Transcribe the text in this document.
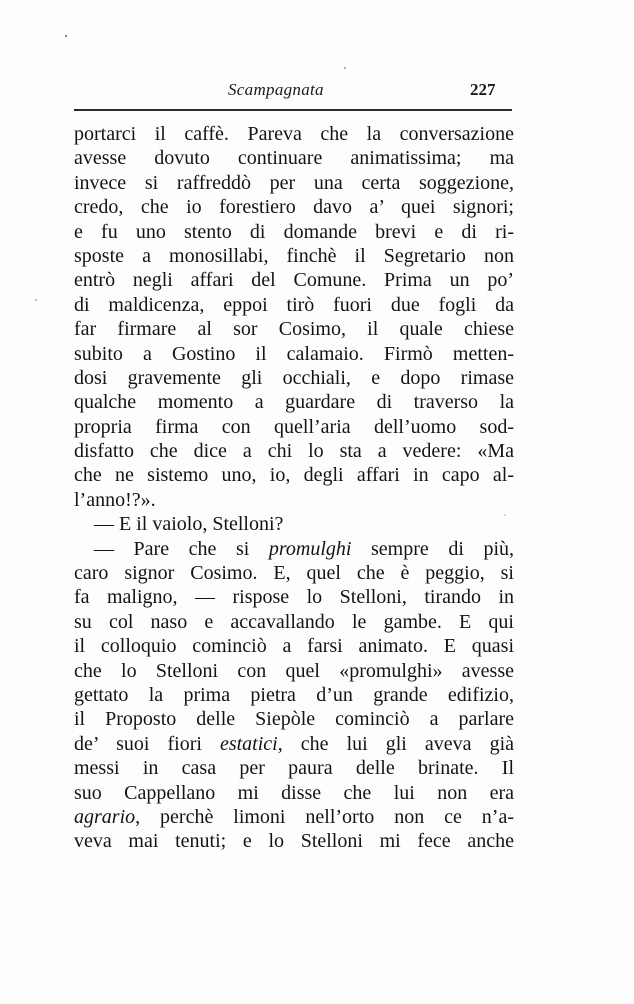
Scampagnata	227
portarci il caffè. Pareva che la conversazione
avesse dovuto continuare animatissima; ma
invece si raffreddò per una certa soggezione,
credo, che io forestiero davo a’ quei signori;
e fu uno stento di domande brevi e di ri-
sposte a monosillabi, finchè il Segretario non
entrò negli affari del Comune. Prima un po’
di maldicenza, eppoi tirò fuori due fogli da
far firmare al sor Cosimo, il quale chiese
subito a Gostino il calamaio. Firmò metten-
dosi gravemente gli occhiali, e dopo rimase
qualche momento a guardare di traverso la
propria firma con quell’aria dell’uomo sod-
disfatto che dice a chi lo sta a vedere: «Ma
che ne sistemo uno, io, degli affari in capo al-
l’anno!?».
— E il vaiolo, Stelloni?
— Pare che si promulghi sempre di più,
caro signor Cosimo. E, quel che è peggio, si
fa maligno, — rispose lo Stelloni, tirando in
su col naso e accavallando le gambe. E qui
il colloquio cominciò a farsi animato. E quasi
che lo Stelloni con quel «promulghi» avesse
gettato la prima pietra d’un grande edifizio,
il Proposto delle Siepòle cominciò a parlare
de’ suoi fiori estatici, che lui gli aveva già
messi in casa per paura delle brinate. Il
suo Cappellano mi disse che lui non era
agrario, perchè limoni nell’orto non ce n’a-
veva mai tenuti; e lo Stelloni mi fece anche
